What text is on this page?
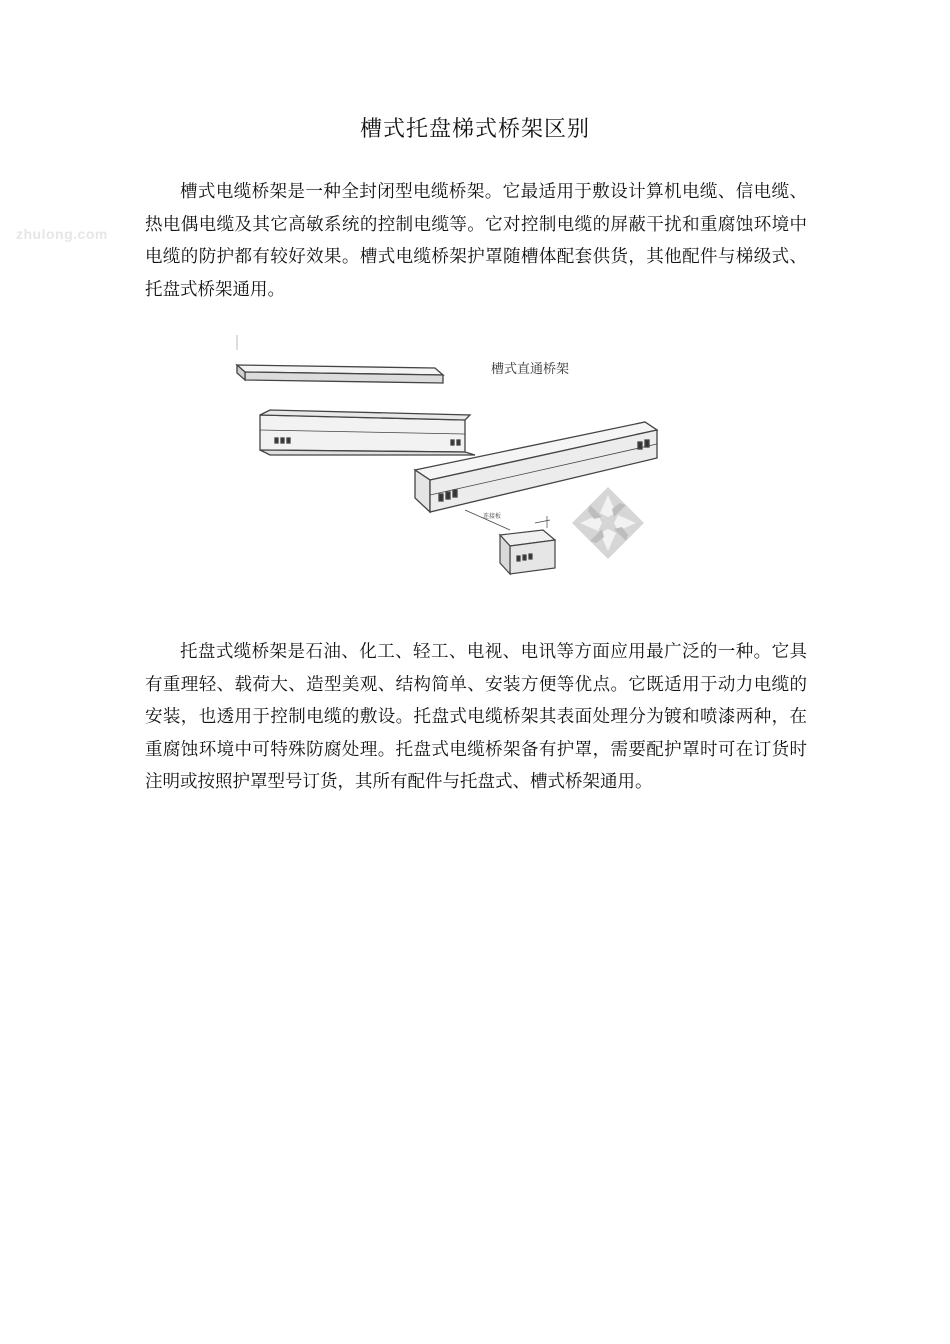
zhulong.com
槽式托盘梯式桥架区别

槽式电缆桥架是一种全封闭型电缆桥架。它最适用于敷设计算机电缆、信电缆、热电偶电缆及其它高敏系统的控制电缆等。它对控制电缆的屏蔽干扰和重腐蚀环境中电缆的防护都有较好效果。槽式电缆桥架护罩随槽体配套供货，其他配件与梯级式、托盘式桥架通用。

连接板
槽式直通桥架

托盘式缆桥架是石油、化工、轻工、电视、电讯等方面应用最广泛的一种。它具有重理轻、载荷大、造型美观、结构简单、安装方便等优点。它既适用于动力电缆的安装，也透用于控制电缆的敷设。托盘式电缆桥架其表面处理分为镀和喷漆两种，在重腐蚀环境中可特殊防腐处理。托盘式电缆桥架备有护罩，需要配护罩时可在订货时注明或按照护罩型号订货，其所有配件与托盘式、槽式桥架通用。
